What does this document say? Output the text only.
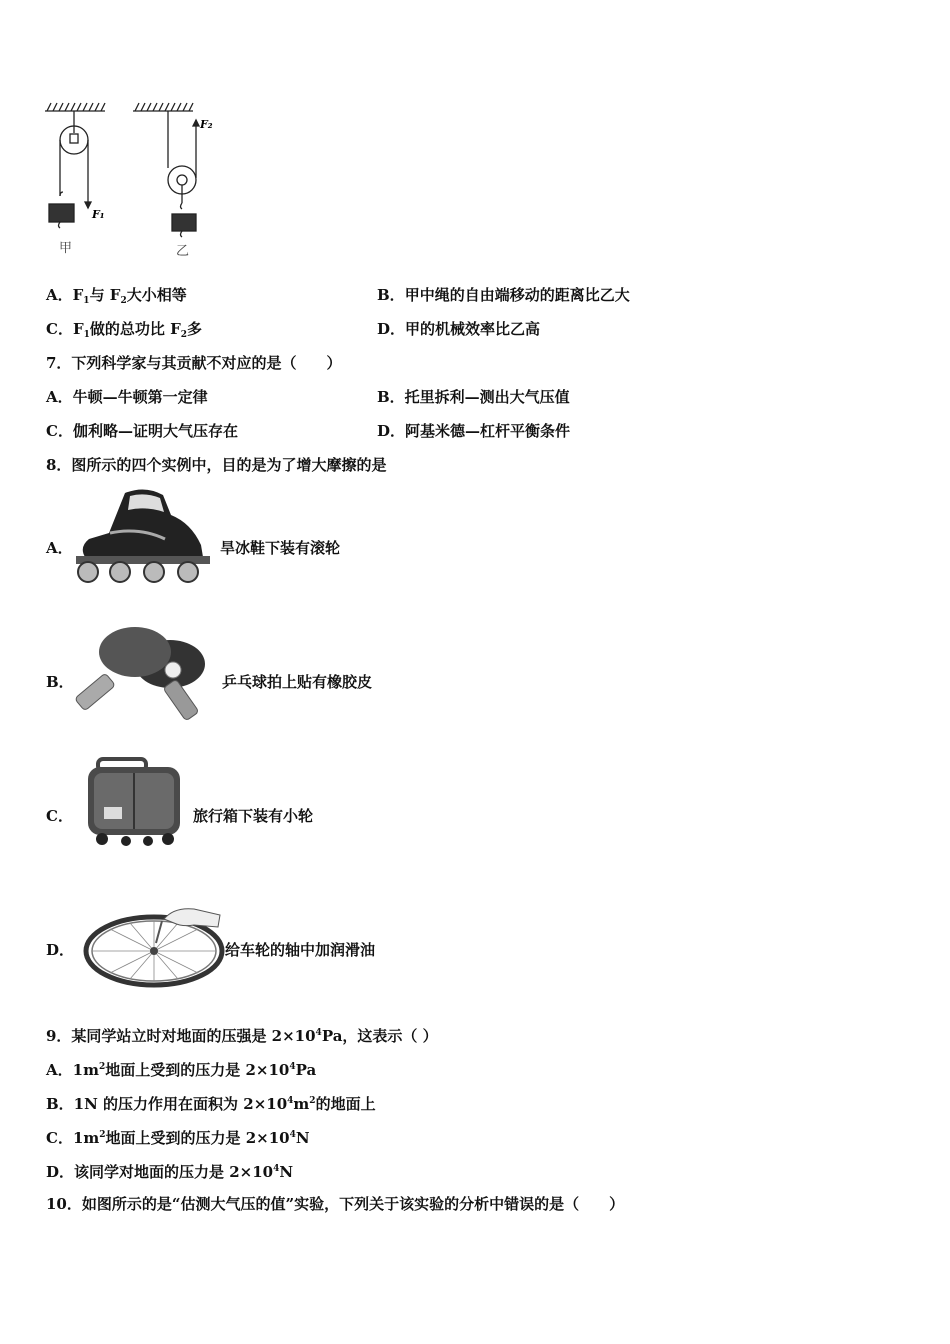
F₁
F₂
甲	乙
A．$F_1$与 $F_2$大小相等	B．甲中绳的自由端移动的距离比乙大
C．$F_1$做的总功比 $F_2$多	D．甲的机械效率比乙高
7．下列科学家与其贡献不对应的是（　　）
A．牛顿—牛顿第一定律	B．托里拆利—测出大气压值
C．伽利略—证明大气压存在	D．阿基米德—杠杆平衡条件
8．图所示的四个实例中，目的是为了增大摩擦的是
A．	旱冰鞋下装有滚轮
B．	乒乓球拍上贴有橡胶皮
C．	旅行箱下装有小轮
D．	给车轮的轴中加润滑油
9．某同学站立时对地面的压强是 $2\times 10^4Pa$，这表示（ ）
A．$1m^2$地面上受到的压力是 $2\times 10^4Pa$
B．1N 的压力作用在面积为 $2\times 10^4m^2$的地面上
C．$1m^2$地面上受到的压力是 $2\times 10^4N$
D．该同学对地面的压力是 $2\times 10^4N$
10．如图所示的是“估测大气压的值”实验，下列关于该实验的分析中错误的是（　　）
